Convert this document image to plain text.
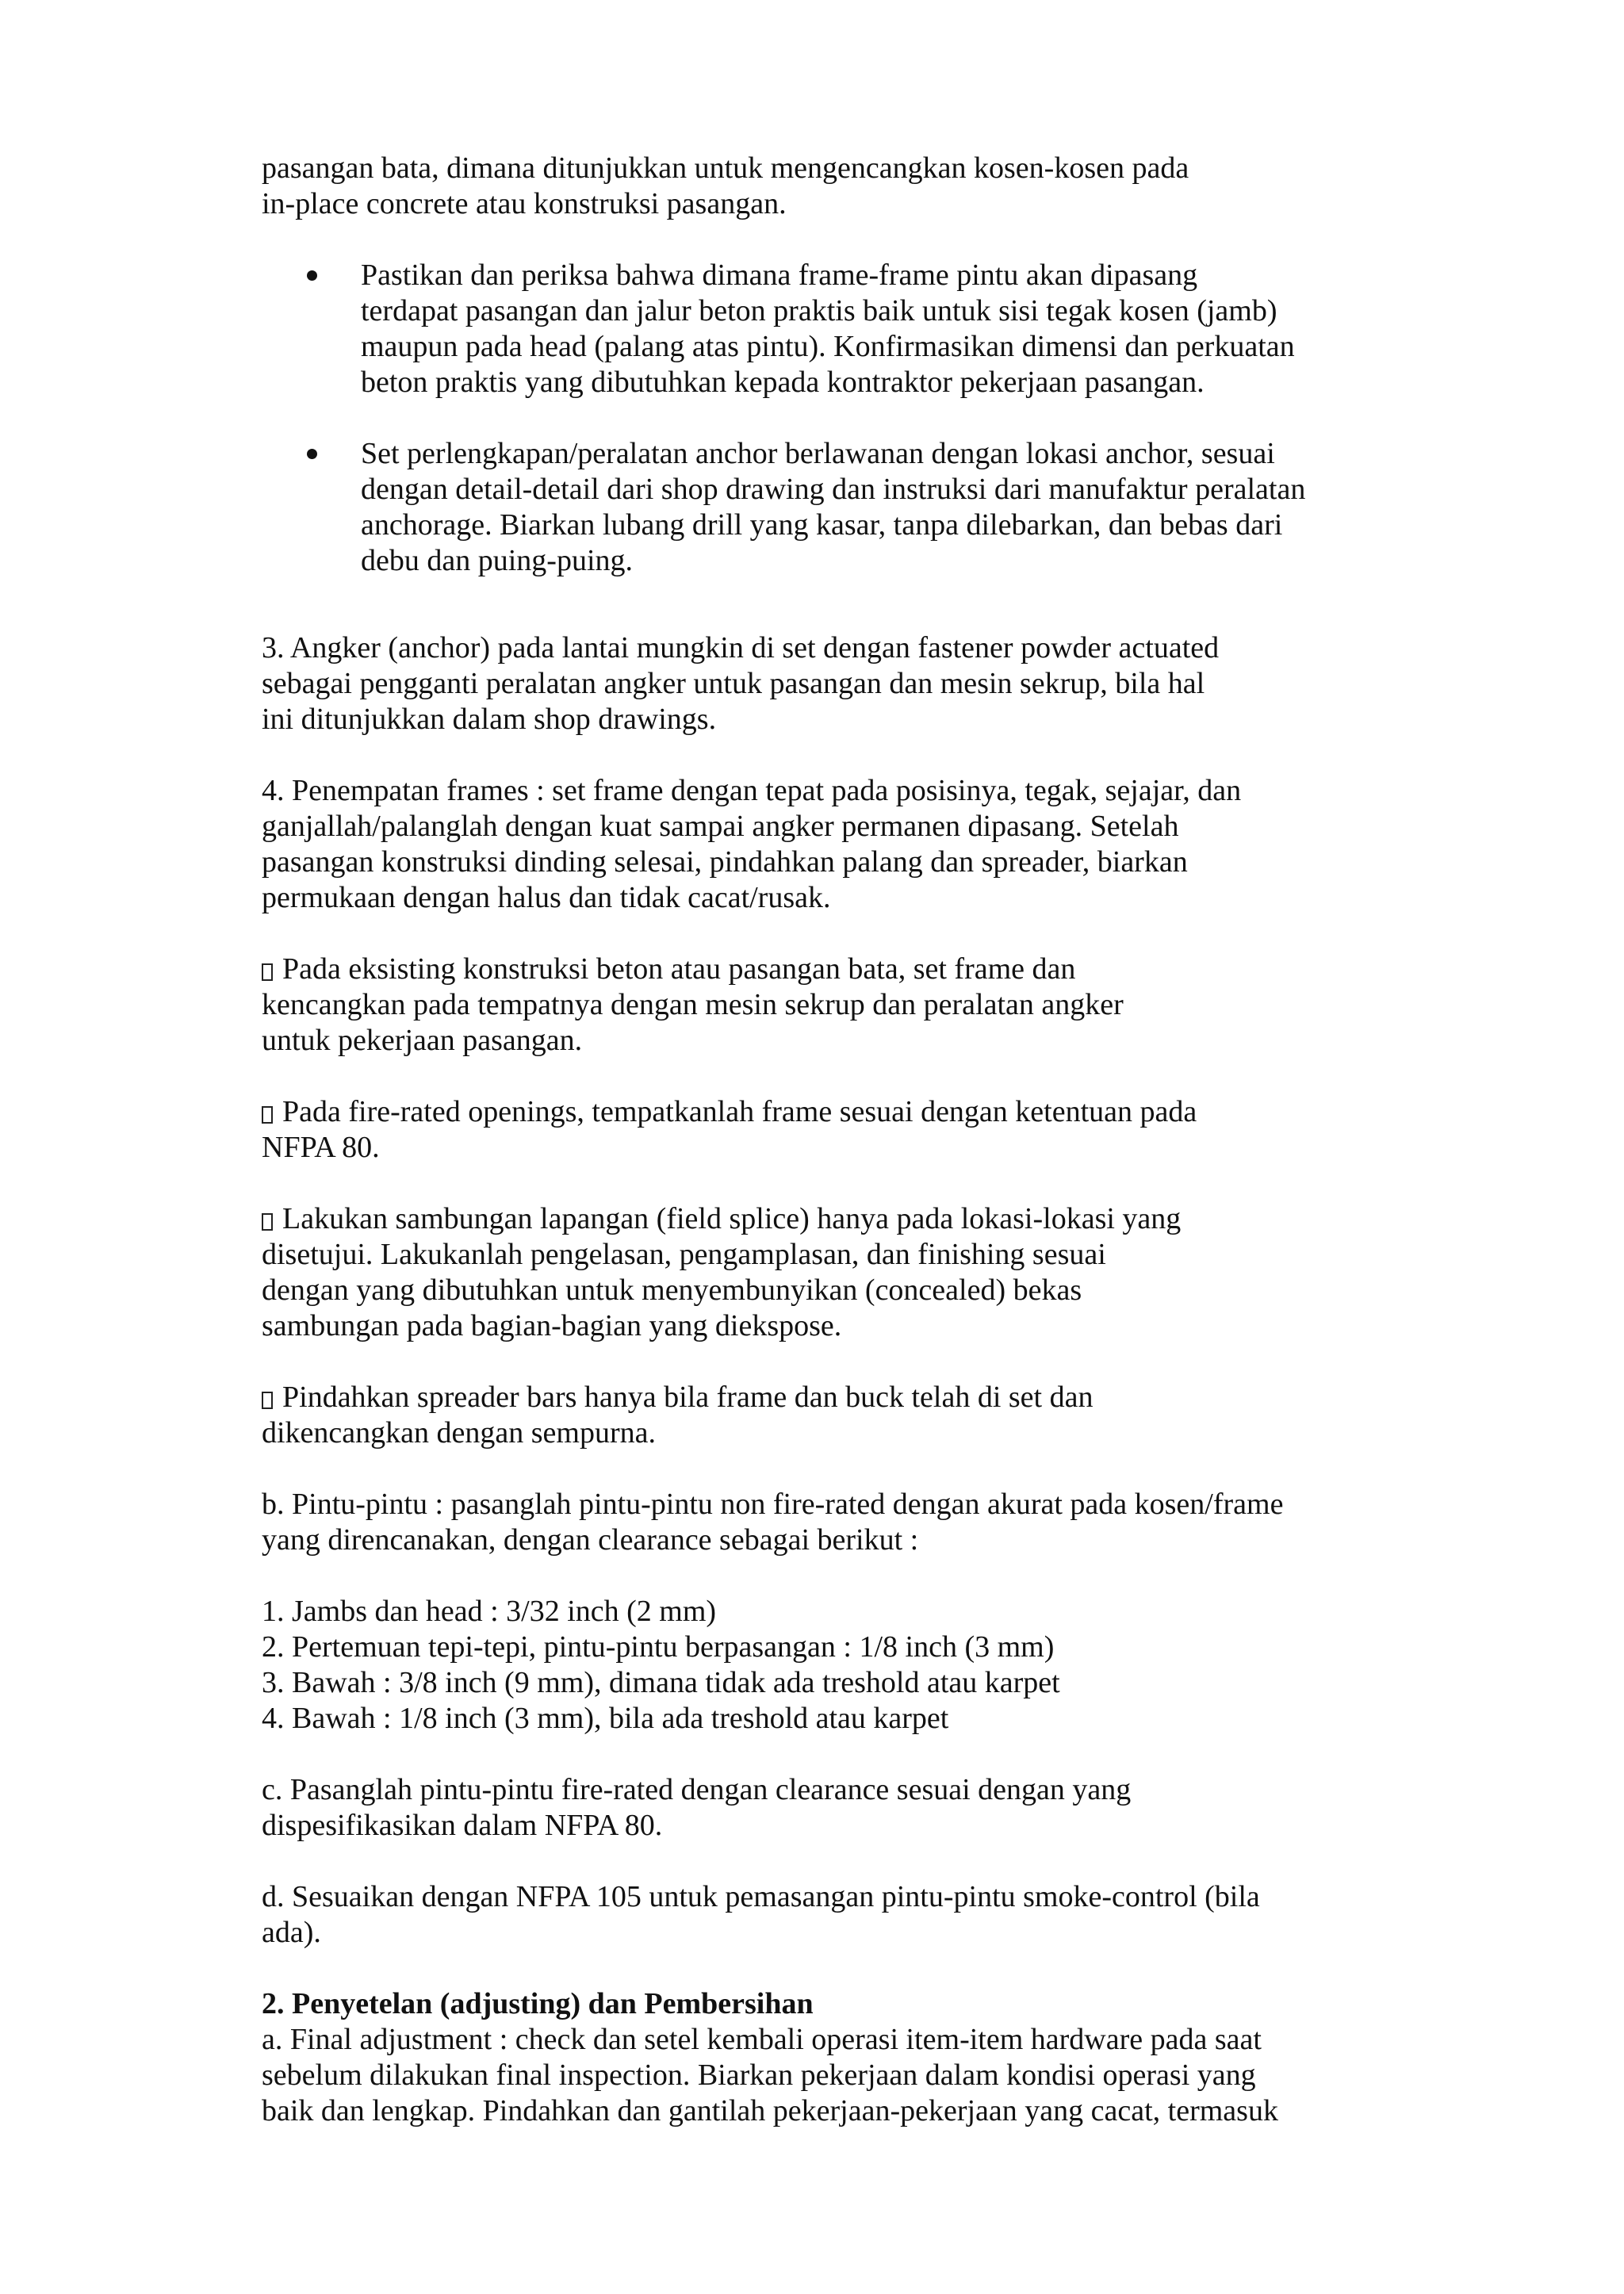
pasangan bata, dimana ditunjukkan untuk mengencangkan kosen-kosen pada
in-place concrete atau konstruksi pasangan.
Pastikan dan periksa bahwa dimana frame-frame pintu akan dipasang
terdapat pasangan dan jalur beton praktis baik untuk sisi tegak kosen (jamb)
maupun pada head (palang atas pintu). Konfirmasikan dimensi dan perkuatan
beton praktis yang dibutuhkan kepada kontraktor pekerjaan pasangan.
Set perlengkapan/peralatan anchor berlawanan dengan lokasi anchor, sesuai
dengan detail-detail dari shop drawing dan instruksi dari manufaktur peralatan
anchorage. Biarkan lubang drill yang kasar, tanpa dilebarkan, dan bebas dari
debu dan puing-puing.
3. Angker (anchor) pada lantai mungkin di set dengan fastener powder actuated
sebagai pengganti peralatan angker untuk pasangan dan mesin sekrup, bila hal
ini ditunjukkan dalam shop drawings.
4. Penempatan frames : set frame dengan tepat pada posisinya, tegak, sejajar, dan
ganjallah/palanglah dengan kuat sampai angker permanen dipasang. Setelah
pasangan konstruksi dinding selesai, pindahkan palang dan spreader, biarkan
permukaan dengan halus dan tidak cacat/rusak.
Pada eksisting konstruksi beton atau pasangan bata, set frame dan
kencangkan pada tempatnya dengan mesin sekrup dan peralatan angker
untuk pekerjaan pasangan.
Pada fire-rated openings, tempatkanlah frame sesuai dengan ketentuan pada
NFPA 80.
Lakukan sambungan lapangan (field splice) hanya pada lokasi-lokasi yang
disetujui. Lakukanlah pengelasan, pengamplasan, dan finishing sesuai
dengan yang dibutuhkan untuk menyembunyikan (concealed) bekas
sambungan pada bagian-bagian yang diekspose.
Pindahkan spreader bars hanya bila frame dan buck telah di set dan
dikencangkan dengan sempurna.
b. Pintu-pintu : pasanglah pintu-pintu non fire-rated dengan akurat pada kosen/frame
yang direncanakan, dengan clearance sebagai berikut :
1. Jambs dan head : 3/32 inch (2 mm)
2. Pertemuan tepi-tepi, pintu-pintu berpasangan : 1/8 inch (3 mm)
3. Bawah : 3/8 inch (9 mm), dimana tidak ada treshold atau karpet
4. Bawah : 1/8 inch (3 mm), bila ada treshold atau karpet
c. Pasanglah pintu-pintu fire-rated dengan clearance sesuai dengan yang
dispesifikasikan dalam NFPA 80.
d. Sesuaikan dengan NFPA 105 untuk pemasangan pintu-pintu smoke-control (bila
ada).
2. Penyetelan (adjusting) dan Pembersihan
a. Final adjustment : check dan setel kembali operasi item-item hardware pada saat
sebelum dilakukan final inspection. Biarkan pekerjaan dalam kondisi operasi yang
baik dan lengkap. Pindahkan dan gantilah pekerjaan-pekerjaan yang cacat, termasuk
